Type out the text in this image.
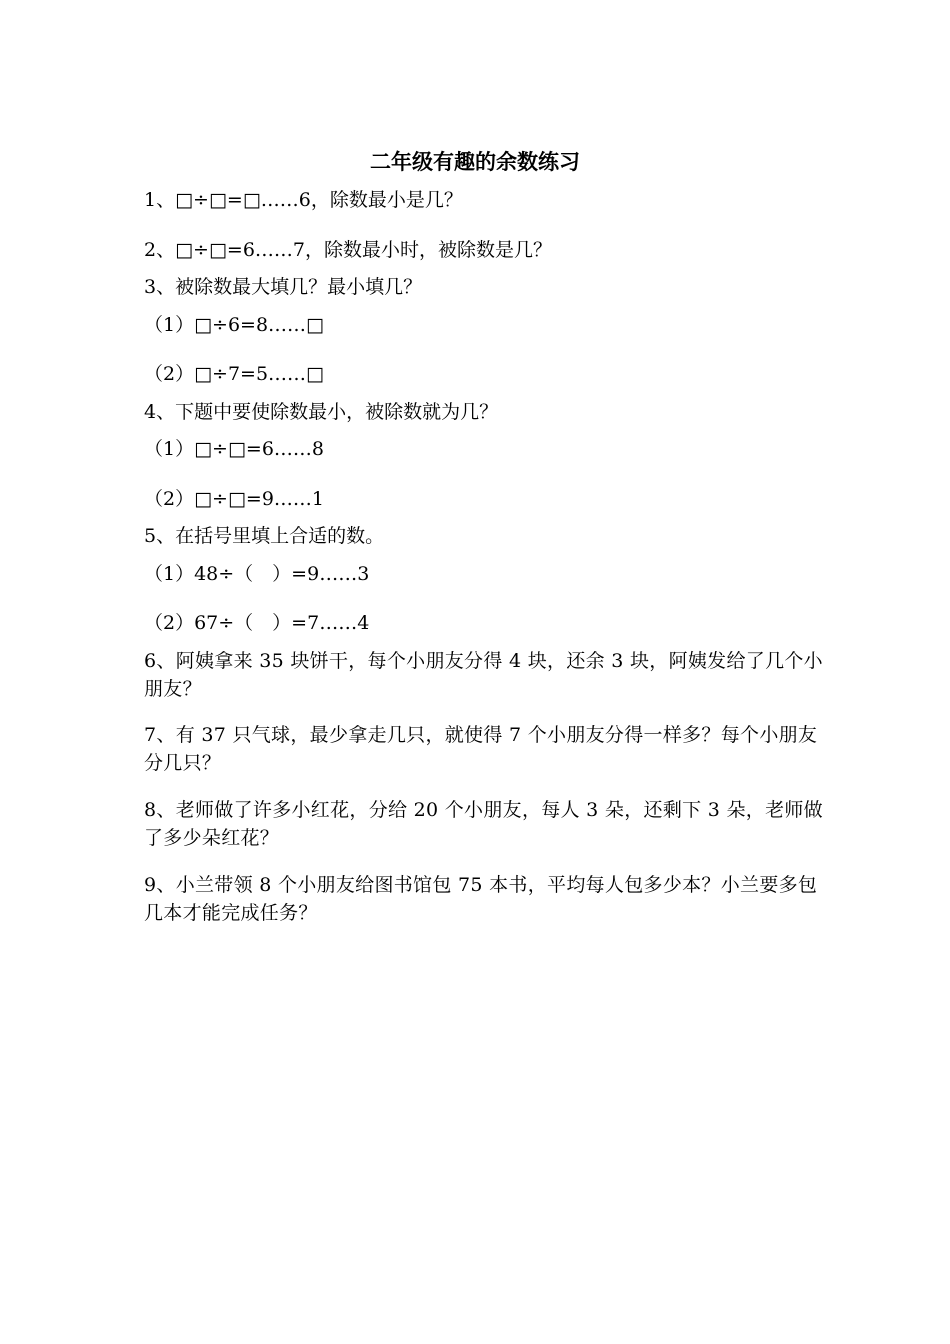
二年级有趣的余数练习
1、□÷□=□……6，除数最小是几？
2、□÷□=6……7，除数最小时，被除数是几？
3、被除数最大填几？最小填几？
（1）□÷6=8……□
（2）□÷7=5……□
4、下题中要使除数最小，被除数就为几？
（1）□÷□=6……8
（2）□÷□=9……1
5、在括号里填上合适的数。
（1）48÷（　）=9……3
（2）67÷（　）=7……4
6、阿姨拿来 35 块饼干，每个小朋友分得 4 块，还余 3 块，阿姨发给了几个小朋友？
7、有 37 只气球，最少拿走几只，就使得 7 个小朋友分得一样多？每个小朋友分几只？
8、老师做了许多小红花，分给 20 个小朋友，每人 3 朵，还剩下 3 朵，老师做了多少朵红花？
9、小兰带领 8 个小朋友给图书馆包 75 本书，平均每人包多少本？小兰要多包几本才能完成任务？
